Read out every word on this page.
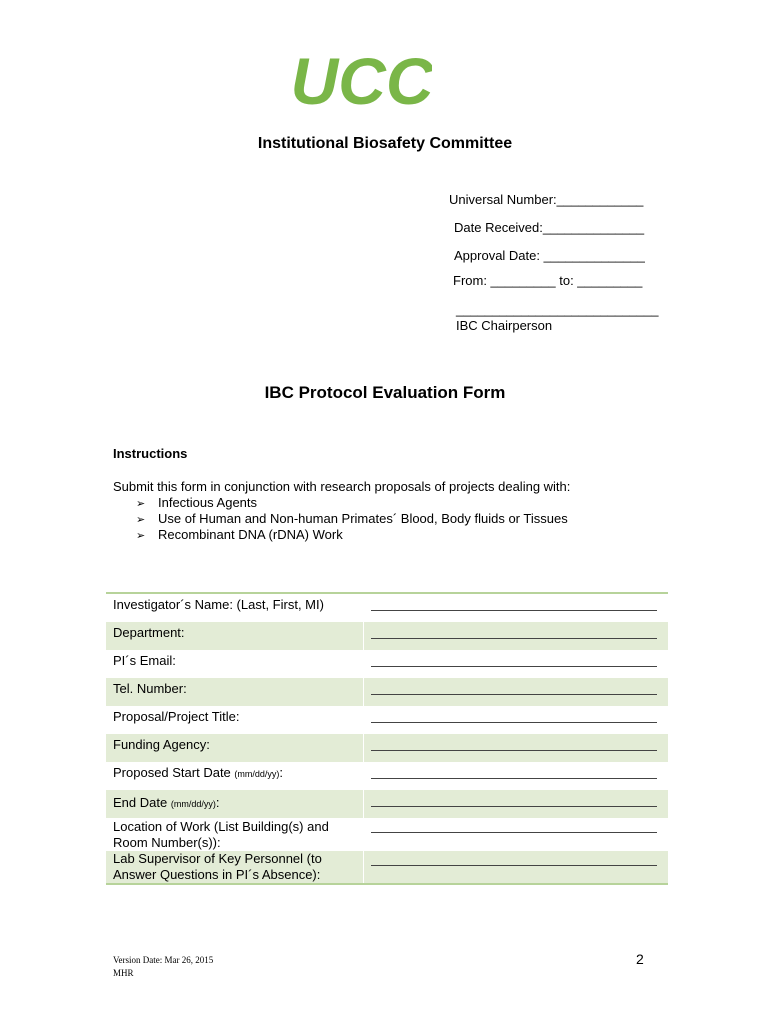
UCC
Institutional Biosafety Committee
Universal Number:____________
Date Received:______________
Approval Date: ______________
From: _________ to: _________
____________________________
IBC Chairperson
IBC Protocol Evaluation Form
Instructions
Submit this form in conjunction with research proposals of projects dealing with:
➢ Infectious Agents
➢ Use of Human and Non-human Primates´ Blood, Body fluids or Tissues
➢ Recombinant DNA (rDNA) Work
Investigator´s Name: (Last, First, MI)
Department:
PI´s Email:
Tel. Number:
Proposal/Project Title:
Funding Agency:
Proposed Start Date (mm/dd/yy):
End Date (mm/dd/yy):
Location of Work (List Building(s) and Room Number(s)):
Lab Supervisor of Key Personnel (to Answer Questions in PI´s Absence):
Version Date: Mar 26, 2015
MHR
2
